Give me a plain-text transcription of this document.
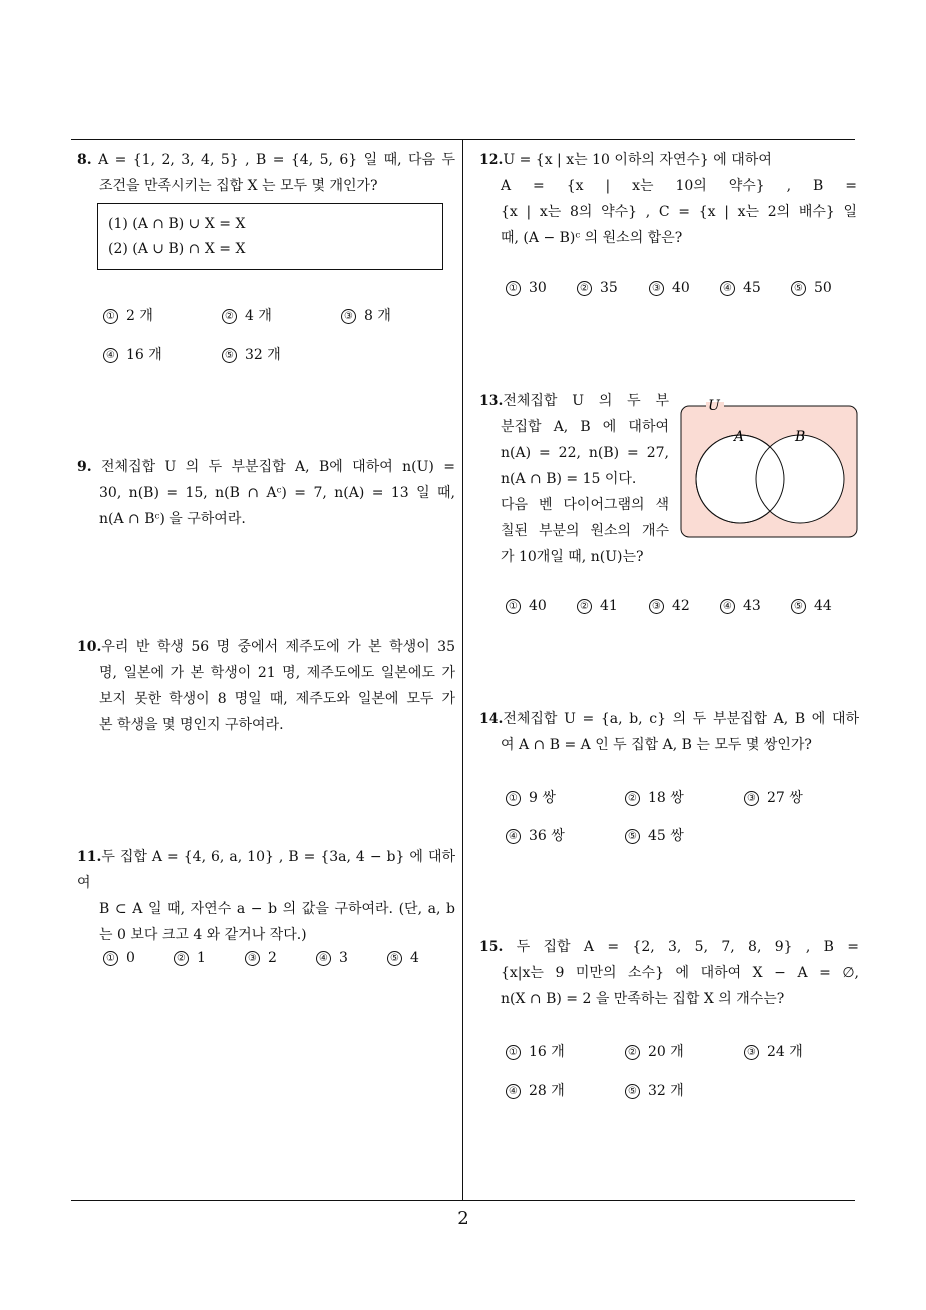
8. A = {1, 2, 3, 4, 5} , B = {4, 5, 6} 일 때, 다음 두

조건을 만족시키는 집합 X 는 모두 몇 개인가?

(1) (A ∩ B) ∪ X = X
(2) (A ∪ B) ∩ X = X
① 2 개	② 4 개	③ 8 개
④ 16 개	⑤ 32 개

9. 전체집합 U 의 두 부분집합 A, B에 대하여 n(U) =

30, n(B) = 15, n(B ∩ Aᶜ) = 7, n(A) = 13 일 때,

n(A ∩ Bᶜ) 을 구하여라.

10.우리 반 학생 56 명 중에서 제주도에 가 본 학생이 35

명, 일본에 가 본 학생이 21 명, 제주도에도 일본에도 가

보지 못한 학생이 8 명일 때, 제주도와 일본에 모두 가

본 학생을 몇 명인지 구하여라.

11.두 집합 A = {4, 6, a, 10} , B = {3a, 4 − b} 에 대하여

B ⊂ A 일 때, 자연수 a − b 의 값을 구하여라. (단, a, b

는 0 보다 크고 4 와 같거나 작다.)

① 0	② 1	③ 2	④ 3	⑤ 4

12.U = {x | x는 10 이하의 자연수} 에 대하여

A = {x | x는 10의 약수} , B =

{x | x는 8의 약수} , C = {x | x는 2의 배수} 일

때, (A − B)ᶜ 의 원소의 합은?

① 30	② 35	③ 40	④ 45	⑤ 50

13.전체집합 U 의 두 부

분집합 A, B 에 대하여

n(A) = 22, n(B) = 27,

n(A ∩ B) = 15 이다.

다음 벤 다이어그램의 색

칠된 부분의 원소의 개수

가 10개일 때, n(U)는?

U
A	B
① 40	② 41	③ 42	④ 43	⑤ 44

14.전체집합 U = {a, b, c} 의 두 부분집합 A, B 에 대하

여 A ∩ B = A 인 두 집합 A, B 는 모두 몇 쌍인가?

① 9 쌍	② 18 쌍	③ 27 쌍
④ 36 쌍	⑤ 45 쌍

15. 두 집합 A = {2, 3, 5, 7, 8, 9} , B =

{x|x는 9 미만의 소수} 에 대하여 X − A = ∅,

n(X ∩ B) = 2 을 만족하는 집합 X 의 개수는?

① 16 개	② 20 개	③ 24 개
④ 28 개	⑤ 32 개
2
